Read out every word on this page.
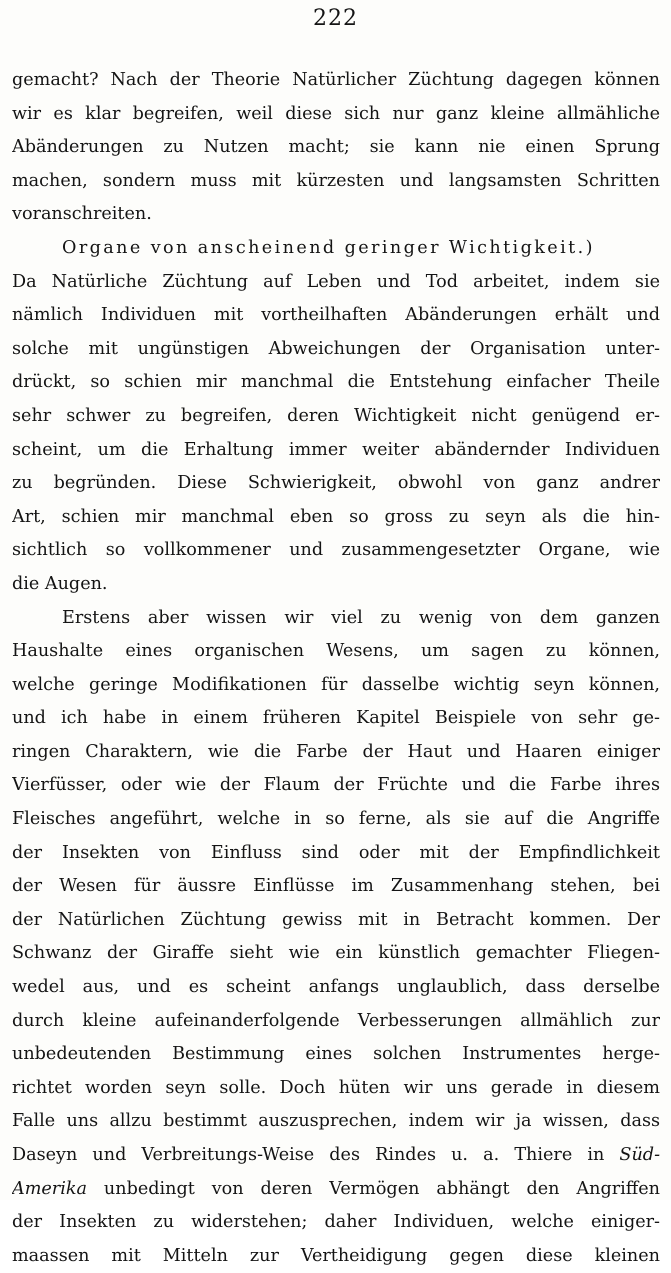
222
gemacht? Nach der Theorie Natürlicher Züchtung dagegen können
wir es klar begreifen, weil diese sich nur ganz kleine allmähliche
Abänderungen zu Nutzen macht; sie kann nie einen Sprung
machen, sondern muss mit kürzesten und langsamsten Schritten
voranschreiten.
Organe von anscheinend geringer Wichtigkeit.)
Da Natürliche Züchtung auf Leben und Tod arbeitet, indem sie
nämlich Individuen mit vortheilhaften Abänderungen erhält und
solche mit ungünstigen Abweichungen der Organisation unter-
drückt, so schien mir manchmal die Entstehung einfacher Theile
sehr schwer zu begreifen, deren Wichtigkeit nicht genügend er-
scheint, um die Erhaltung immer weiter abändernder Individuen
zu begründen. Diese Schwierigkeit, obwohl von ganz andrer
Art, schien mir manchmal eben so gross zu seyn als die hin-
sichtlich so vollkommener und zusammengesetzter Organe, wie
die Augen.
Erstens aber wissen wir viel zu wenig von dem ganzen
Haushalte eines organischen Wesens, um sagen zu können,
welche geringe Modifikationen für dasselbe wichtig seyn können,
und ich habe in einem früheren Kapitel Beispiele von sehr ge-
ringen Charaktern, wie die Farbe der Haut und Haaren einiger
Vierfüsser, oder wie der Flaum der Früchte und die Farbe ihres
Fleisches angeführt, welche in so ferne, als sie auf die Angriffe
der Insekten von Einfluss sind oder mit der Empfindlichkeit
der Wesen für äussre Einflüsse im Zusammenhang stehen, bei
der Natürlichen Züchtung gewiss mit in Betracht kommen. Der
Schwanz der Giraffe sieht wie ein künstlich gemachter Fliegen-
wedel aus, und es scheint anfangs unglaublich, dass derselbe
durch kleine aufeinanderfolgende Verbesserungen allmählich zur
unbedeutenden Bestimmung eines solchen Instrumentes herge-
richtet worden seyn solle. Doch hüten wir uns gerade in diesem
Falle uns allzu bestimmt auszusprechen, indem wir ja wissen, dass
Daseyn und Verbreitungs-Weise des Rindes u. a. Thiere in Süd-
Amerika unbedingt von deren Vermögen abhängt den Angriffen
der Insekten zu widerstehen; daher Individuen, welche einiger-
maassen mit Mitteln zur Vertheidigung gegen diese kleinen
